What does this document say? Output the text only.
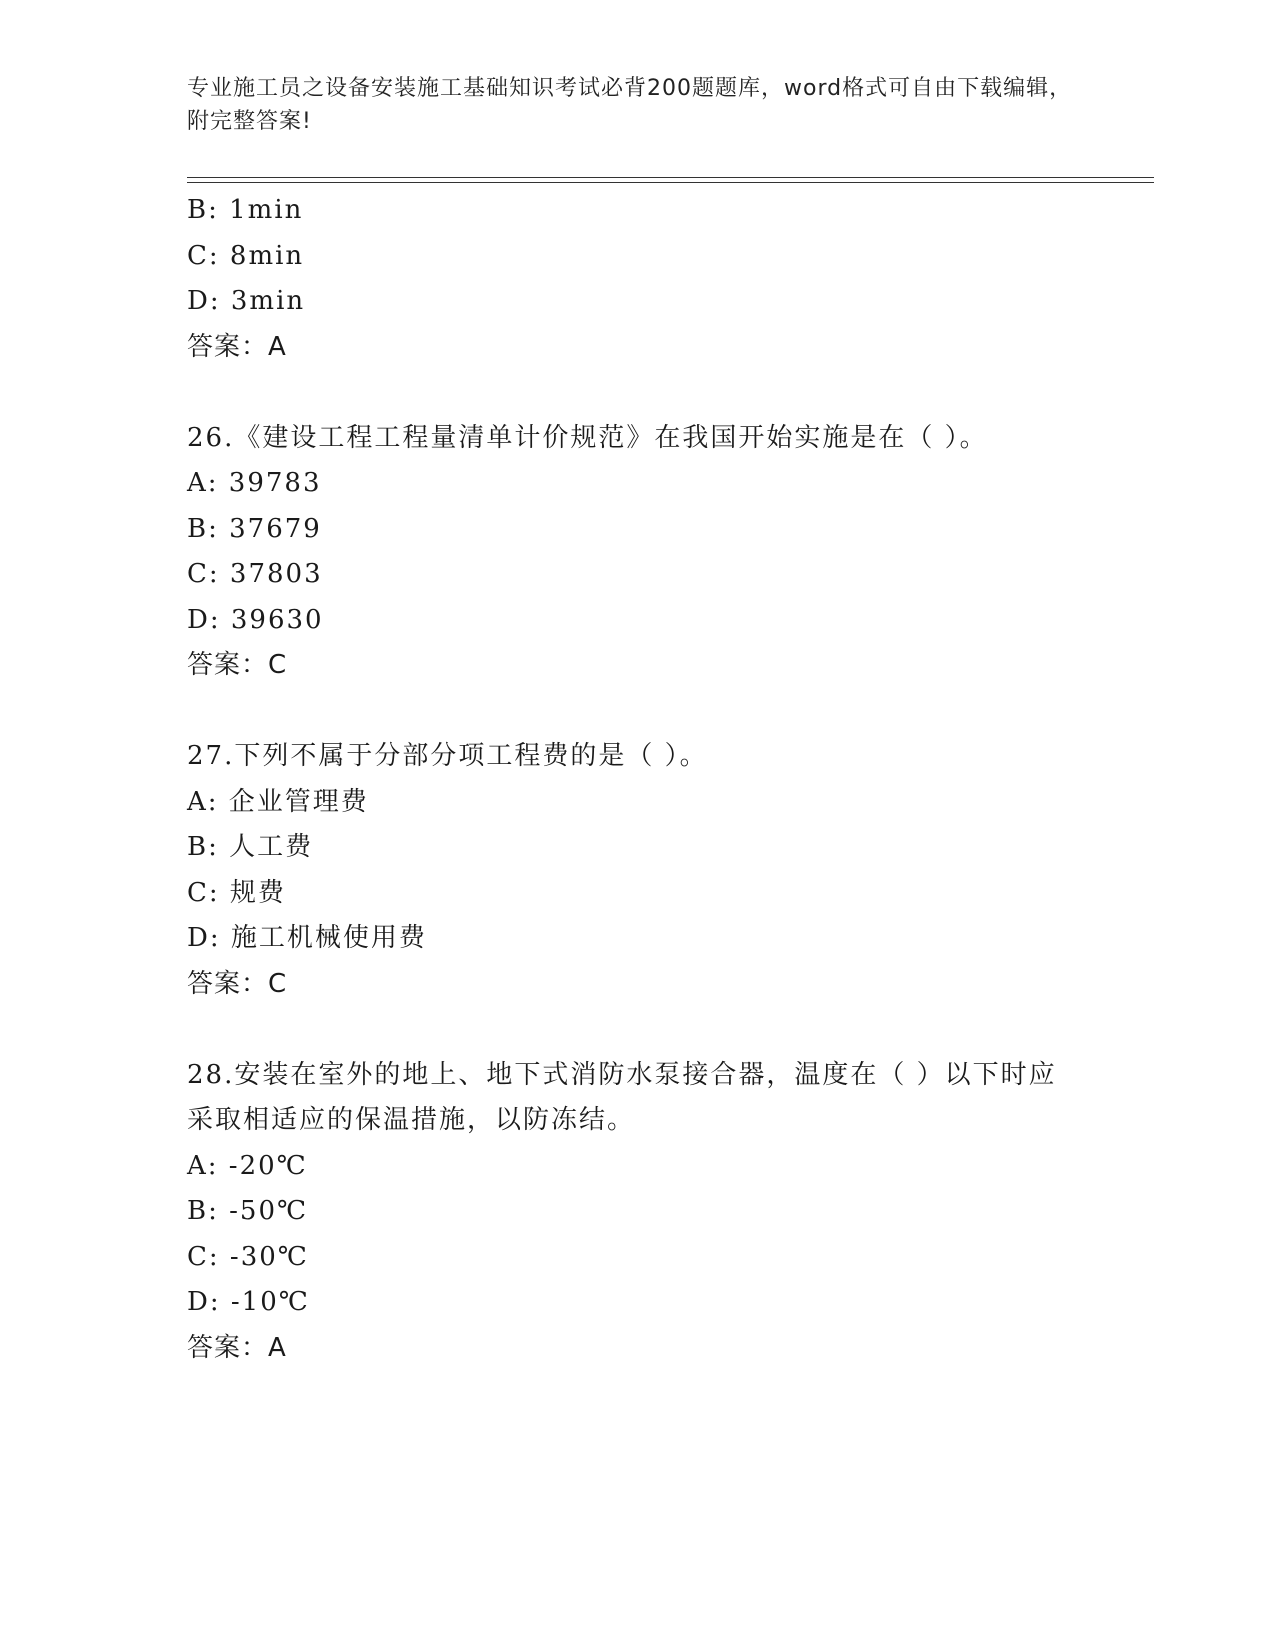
专业施工员之设备安装施工基础知识考试必背200题题库，word格式可自由下载编辑，附完整答案!
B: 1min
C: 8min
D: 3min
答案：A
26.《建设工程工程量清单计价规范》在我国开始实施是在（ ）。
A: 39783
B: 37679
C: 37803
D: 39630
答案：C
27.下列不属于分部分项工程费的是（ ）。
A: 企业管理费
B: 人工费
C: 规费
D: 施工机械使用费
答案：C
28.安装在室外的地上、地下式消防水泵接合器，温度在（ ）以下时应采取相适应的保温措施，以防冻结。
A: -20℃
B: -50℃
C: -30℃
D: -10℃
答案：A
